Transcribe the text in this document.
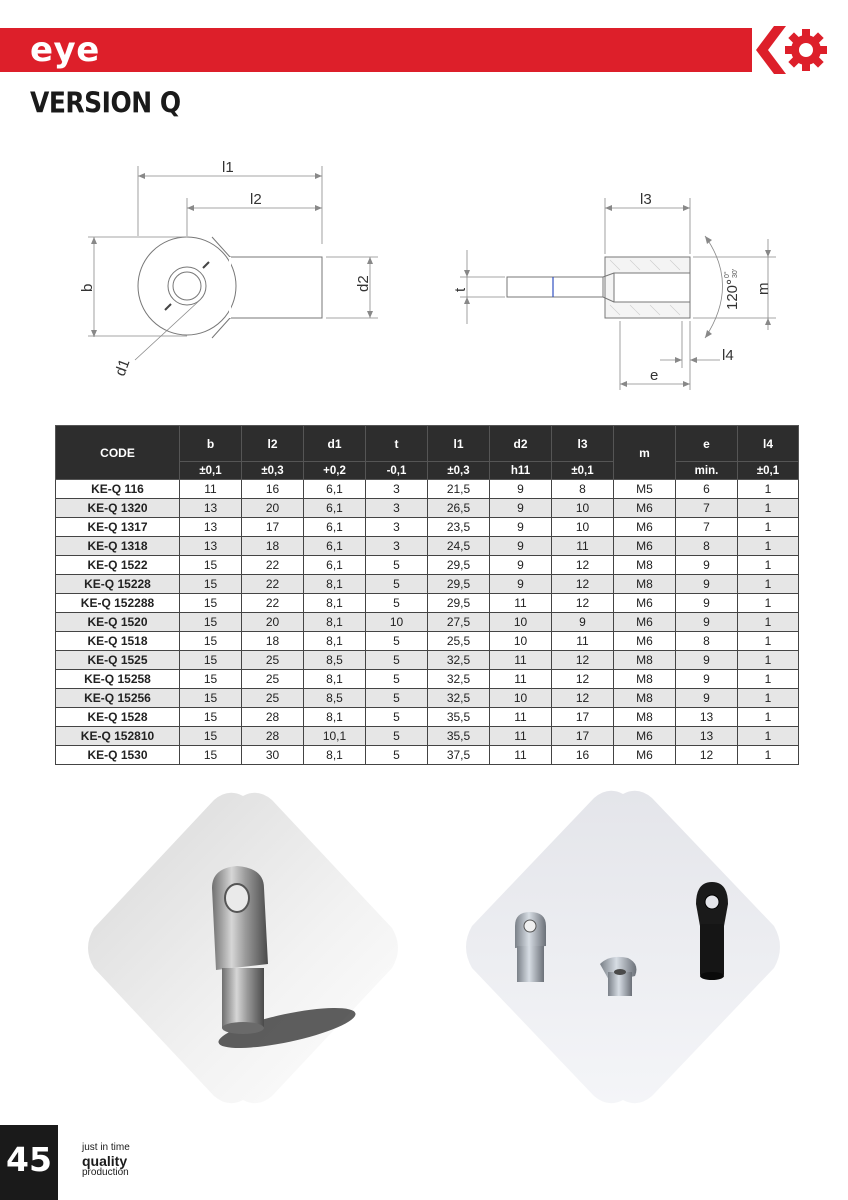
eye
VERSION Q
l1
l2
b	d2
d1
l3
t	m
120°
0° 30'
l4
e
CODE	b	l2	d1	t	l1	d2	l3	m	e	l4
	±0,1	±0,3	+0,2	-0,1	±0,3	h11	±0,1		min.	±0,1
KE-Q 116	11	16	6,1	3	21,5	9	8	M5	6	1
KE-Q 1320	13	20	6,1	3	26,5	9	10	M6	7	1
KE-Q 1317	13	17	6,1	3	23,5	9	10	M6	7	1
KE-Q 1318	13	18	6,1	3	24,5	9	11	M6	8	1
KE-Q 1522	15	22	6,1	5	29,5	9	12	M8	9	1
KE-Q 15228	15	22	8,1	5	29,5	9	12	M8	9	1
KE-Q 152288	15	22	8,1	5	29,5	11	12	M6	9	1
KE-Q 1520	15	20	8,1	10	27,5	10	9	M6	9	1
KE-Q 1518	15	18	8,1	5	25,5	10	11	M6	8	1
KE-Q 1525	15	25	8,5	5	32,5	11	12	M8	9	1
KE-Q 15258	15	25	8,1	5	32,5	11	12	M8	9	1
KE-Q 15256	15	25	8,5	5	32,5	10	12	M8	9	1
KE-Q 1528	15	28	8,1	5	35,5	11	17	M8	13	1
KE-Q 152810	15	28	10,1	5	35,5	11	17	M6	13	1
KE-Q 1530	15	30	8,1	5	37,5	11	16	M6	12	1
45	just in time
quality
production
